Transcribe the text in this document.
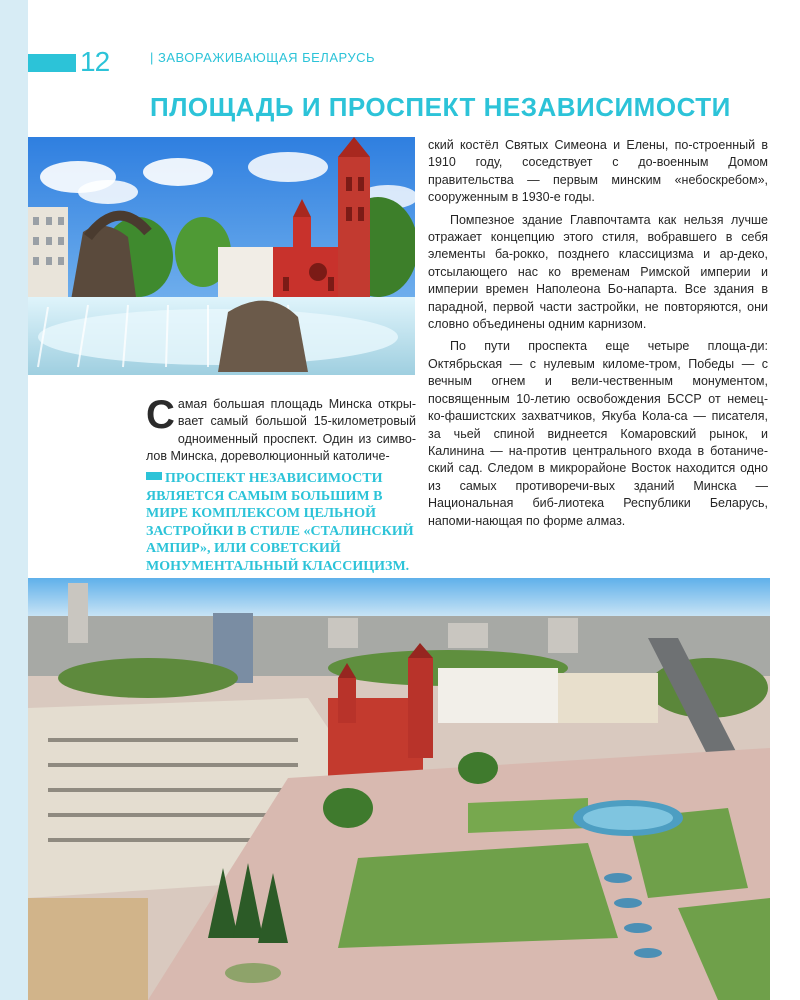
12	| ЗАВОРАЖИВАЮЩАЯ БЕЛАРУСЬ
ПЛОЩАДЬ И ПРОСПЕКТ НЕЗАВИСИМОСТИ

Самая большая площадь Минска откры-вает самый большой 15-километровый одноименный проспект. Один из симво-лов Минска, дореволюционный католиче-

ПРОСПЕКТ НЕЗАВИСИМОСТИ ЯВЛЯЕТСЯ САМЫМ БОЛЬШИМ В МИРЕ КОМПЛЕКСОМ ЦЕЛЬНОЙ ЗАСТРОЙКИ В СТИЛЕ «СТАЛИНСКИЙ АМПИР», ИЛИ СОВЕТСКИЙ МОНУМЕНТАЛЬНЫЙ КЛАССИЦИЗМ.

ский костёл Святых Симеона и Елены, по-строенный в 1910 году, соседствует с до-военным Домом правительства — первым минским «небоскребом», сооруженным в 1930-е годы.

Помпезное здание Главпочтамта как нельзя лучше отражает концепцию этого стиля, вобравшего в себя элементы ба-рокко, позднего классицизма и ар-деко, отсылающего нас ко временам Римской империи и империи времен Наполеона Бо-напарта. Все здания в парадной, первой части застройки, не повторяются, они словно объединены одним карнизом.

По пути проспекта еще четыре площа-ди: Октябрьская — с нулевым киломе-тром, Победы — с вечным огнем и вели-чественным монументом, посвященным 10-летию освобождения БССР от немец-ко-фашистских захватчиков, Якуба Кола-са — писателя, за чьей спиной виднеется Комаровский рынок, и Калинина — на-против центрального входа в ботаниче-ский сад. Следом в микрорайоне Восток находится одно из самых противоречи-вых зданий Минска — Национальная биб-лиотека Республики Беларусь, напоми-нающая по форме алмаз.
